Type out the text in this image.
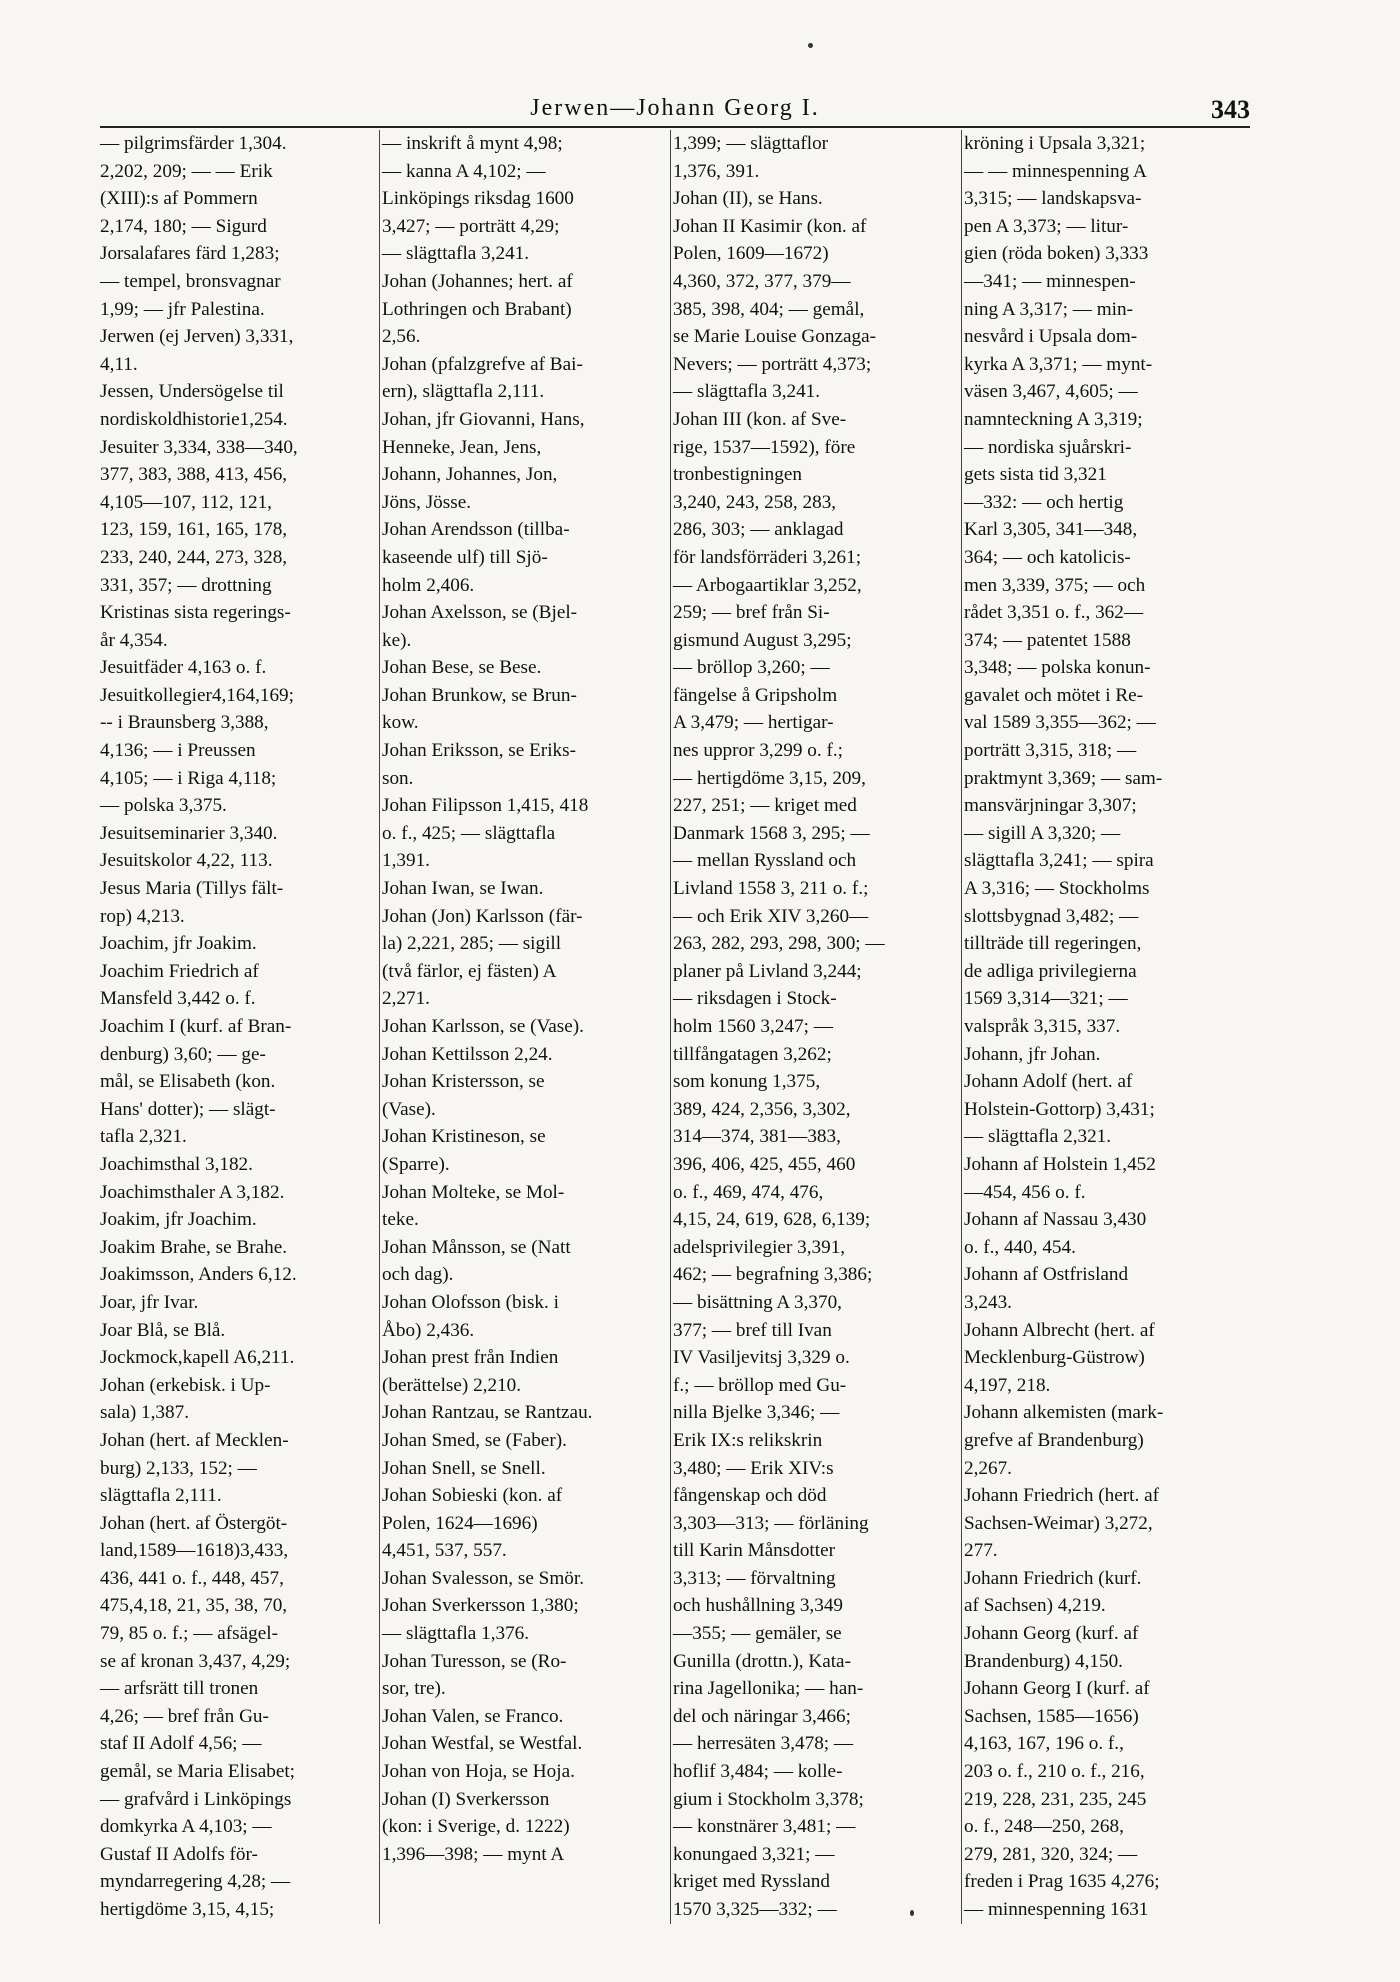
Jerwen—Johann Georg I.	343
— pilgrimsfärder 1,304.
2,202, 209; — — Erik
(XIII):s af Pommern
2,174, 180; — Sigurd
Jorsalafares färd 1,283;
— tempel, bronsvagnar
1,99; — jfr Palestina.
Jerwen (ej Jerven) 3,331,
4,11.
Jessen, Undersögelse til
nordiskoldhistorie1,254.
Jesuiter 3,334, 338—340,
377, 383, 388, 413, 456,
4,105—107, 112, 121,
123, 159, 161, 165, 178,
233, 240, 244, 273, 328,
331, 357; — drottning
Kristinas sista regerings-
år 4,354.
Jesuitfäder 4,163 o. f.
Jesuitkollegier4,164,169;
-- i Braunsberg 3,388,
4,136; — i Preussen
4,105; — i Riga 4,118;
— polska 3,375.
Jesuitseminarier 3,340.
Jesuitskolor 4,22, 113.
Jesus Maria (Tillys fält-
rop) 4,213.
Joachim, jfr Joakim.
Joachim Friedrich af
Mansfeld 3,442 o. f.
Joachim I (kurf. af Bran-
denburg) 3,60; — ge-
mål, se Elisabeth (kon.
Hans' dotter); — slägt-
tafla 2,321.
Joachimsthal 3,182.
Joachimsthaler A 3,182.
Joakim, jfr Joachim.
Joakim Brahe, se Brahe.
Joakimsson, Anders 6,12.
Joar, jfr Ivar.
Joar Blå, se Blå.
Jockmock,kapell A6,211.
Johan (erkebisk. i Up-
sala) 1,387.
Johan (hert. af Mecklen-
burg) 2,133, 152; —
slägttafla 2,111.
Johan (hert. af Östergöt-
land,1589—1618)3,433,
436, 441 o. f., 448, 457,
475,4,18, 21, 35, 38, 70,
79, 85 o. f.; — afsägel-
se af kronan 3,437, 4,29;
— arfsrätt till tronen
4,26; — bref från Gu-
staf II Adolf 4,56; —
gemål, se Maria Elisabet;
— grafvård i Linköpings
domkyrka A 4,103; —
Gustaf II Adolfs för-
myndarregering 4,28; —
hertigdöme 3,15, 4,15;
— inskrift å mynt 4,98;
— kanna A 4,102; —
Linköpings riksdag 1600
3,427; — porträtt 4,29;
— slägttafla 3,241.
Johan (Johannes; hert. af
Lothringen och Brabant)
2,56.
Johan (pfalzgrefve af Bai-
ern), slägttafla 2,111.
Johan, jfr Giovanni, Hans,
Henneke, Jean, Jens,
Johann, Johannes, Jon,
Jöns, Jösse.
Johan Arendsson (tillba-
kaseende ulf) till Sjö-
holm 2,406.
Johan Axelsson, se (Bjel-
ke).
Johan Bese, se Bese.
Johan Brunkow, se Brun-
kow.
Johan Eriksson, se Eriks-
son.
Johan Filipsson 1,415, 418
o. f., 425; — slägttafla
1,391.
Johan Iwan, se Iwan.
Johan (Jon) Karlsson (fär-
la) 2,221, 285; — sigill
(två färlor, ej fästen) A
2,271.
Johan Karlsson, se (Vase).
Johan Kettilsson 2,24.
Johan Kristersson, se
(Vase).
Johan Kristineson, se
(Sparre).
Johan Molteke, se Mol-
teke.
Johan Månsson, se (Natt
och dag).
Johan Olofsson (bisk. i
Åbo) 2,436.
Johan prest från Indien
(berättelse) 2,210.
Johan Rantzau, se Rantzau.
Johan Smed, se (Faber).
Johan Snell, se Snell.
Johan Sobieski (kon. af
Polen, 1624—1696)
4,451, 537, 557.
Johan Svalesson, se Smör.
Johan Sverkersson 1,380;
— slägttafla 1,376.
Johan Turesson, se (Ro-
sor, tre).
Johan Valen, se Franco.
Johan Westfal, se Westfal.
Johan von Hoja, se Hoja.
Johan (I) Sverkersson
(kon: i Sverige, d. 1222)
1,396—398; — mynt A
1,399; — slägttaflor
1,376, 391.
Johan (II), se Hans.
Johan II Kasimir (kon. af
Polen, 1609—1672)
4,360, 372, 377, 379—
385, 398, 404; — gemål,
se Marie Louise Gonzaga-
Nevers; — porträtt 4,373;
— slägttafla 3,241.
Johan III (kon. af Sve-
rige, 1537—1592), före
tronbestigningen
3,240, 243, 258, 283,
286, 303; — anklagad
för landsförräderi 3,261;
— Arbogaartiklar 3,252,
259; — bref från Si-
gismund August 3,295;
— bröllop 3,260; —
fängelse å Gripsholm
A 3,479; — hertigar-
nes uppror 3,299 o. f.;
— hertigdöme 3,15, 209,
227, 251; — kriget med
Danmark 1568 3, 295; —
— mellan Ryssland och
Livland 1558 3, 211 o. f.;
— och Erik XIV 3,260—
263, 282, 293, 298, 300; —
planer på Livland 3,244;
— riksdagen i Stock-
holm 1560 3,247; —
tillfångatagen 3,262;
som konung 1,375,
389, 424, 2,356, 3,302,
314—374, 381—383,
396, 406, 425, 455, 460
o. f., 469, 474, 476,
4,15, 24, 619, 628, 6,139;
adelsprivilegier 3,391,
462; — begrafning 3,386;
— bisättning A 3,370,
377; — bref till Ivan
IV Vasiljevitsj 3,329 o.
f.; — bröllop med Gu-
nilla Bjelke 3,346; —
Erik IX:s relikskrin
3,480; — Erik XIV:s
fångenskap och död
3,303—313; — förläning
till Karin Månsdotter
3,313; — förvaltning
och hushållning 3,349
—355; — gemäler, se
Gunilla (drottn.), Kata-
rina Jagellonika; — han-
del och näringar 3,466;
— herresäten 3,478; —
hoflif 3,484; — kolle-
gium i Stockholm 3,378;
— konstnärer 3,481; —
konungaed 3,321; —
kriget med Ryssland
1570 3,325—332; —
kröning i Upsala 3,321;
— — minnespenning A
3,315; — landskapsva-
pen A 3,373; — litur-
gien (röda boken) 3,333
—341; — minnespen-
ning A 3,317; — min-
nesvård i Upsala dom-
kyrka A 3,371; — mynt-
väsen 3,467, 4,605; —
namnteckning A 3,319;
— nordiska sjuårskri-
gets sista tid 3,321
—332: — och hertig
Karl 3,305, 341—348,
364; — och katolicis-
men 3,339, 375; — och
rådet 3,351 o. f., 362—
374; — patentet 1588
3,348; — polska konun-
gavalet och mötet i Re-
val 1589 3,355—362; —
porträtt 3,315, 318; —
praktmynt 3,369; — sam-
mansvärjningar 3,307;
— sigill A 3,320; —
slägttafla 3,241; — spira
A 3,316; — Stockholms
slottsbygnad 3,482; —
tillträde till regeringen,
de adliga privilegierna
1569 3,314—321; —
valspråk 3,315, 337.
Johann, jfr Johan.
Johann Adolf (hert. af
Holstein-Gottorp) 3,431;
— slägttafla 2,321.
Johann af Holstein 1,452
—454, 456 o. f.
Johann af Nassau 3,430
o. f., 440, 454.
Johann af Ostfrisland
3,243.
Johann Albrecht (hert. af
Mecklenburg-Güstrow)
4,197, 218.
Johann alkemisten (mark-
grefve af Brandenburg)
2,267.
Johann Friedrich (hert. af
Sachsen-Weimar) 3,272,
277.
Johann Friedrich (kurf.
af Sachsen) 4,219.
Johann Georg (kurf. af
Brandenburg) 4,150.
Johann Georg I (kurf. af
Sachsen, 1585—1656)
4,163, 167, 196 o. f.,
203 o. f., 210 o. f., 216,
219, 228, 231, 235, 245
o. f., 248—250, 268,
279, 281, 320, 324; —
freden i Prag 1635 4,276;
— minnespenning 1631
